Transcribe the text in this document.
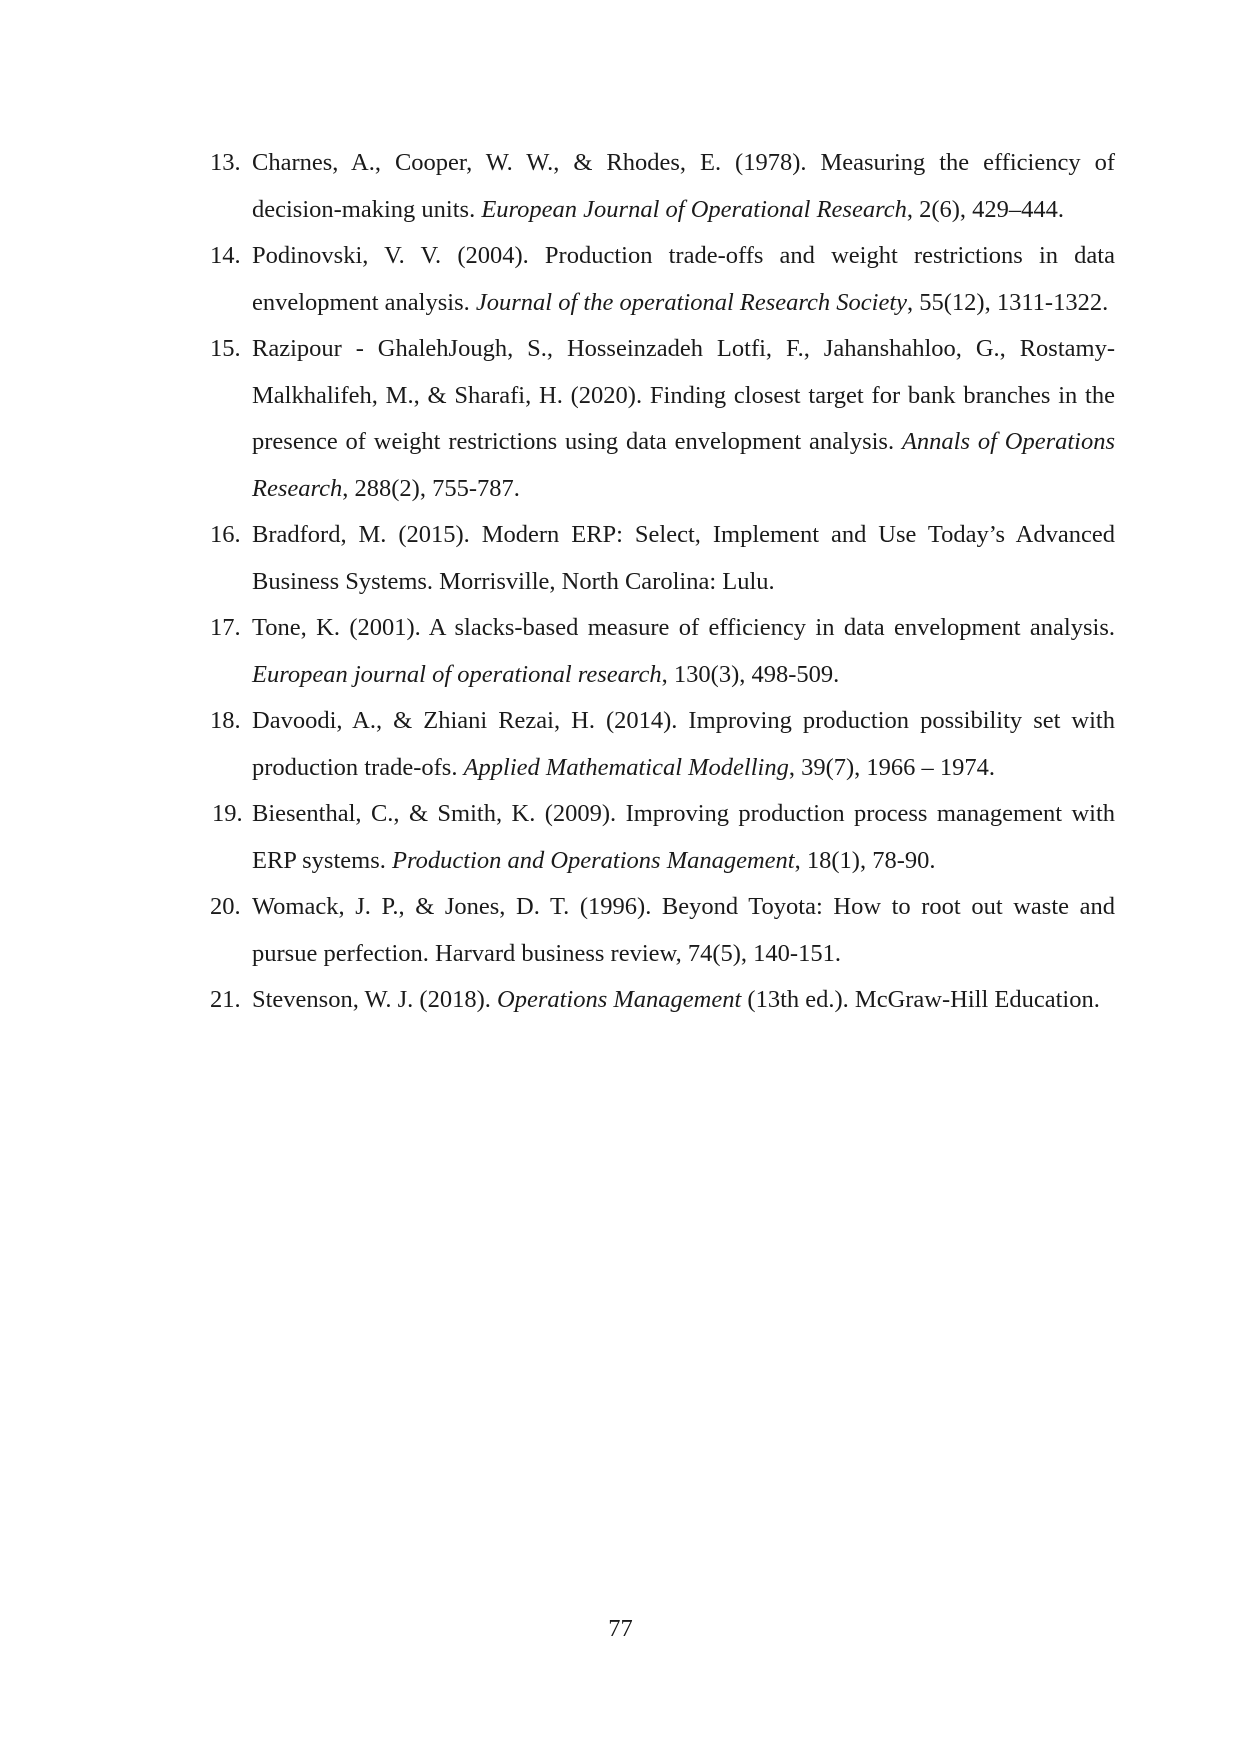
13. Charnes, A., Cooper, W. W., & Rhodes, E. (1978). Measuring the efficiency of decision-making units. European Journal of Operational Research, 2(6), 429–444.
14. Podinovski, V. V. (2004). Production trade-offs and weight restrictions in data envelopment analysis. Journal of the operational Research Society, 55(12), 1311-1322.
15. Razipour - GhalehJough, S., Hosseinzadeh Lotfi, F., Jahanshahloo, G., Rostamy-Malkhalifeh, M., & Sharafi, H. (2020). Finding closest target for bank branches in the presence of weight restrictions using data envelopment analysis. Annals of Operations Research, 288(2), 755-787.
16. Bradford, M. (2015). Modern ERP: Select, Implement and Use Today’s Advanced Business Systems. Morrisville, North Carolina: Lulu.
17. Tone, K. (2001). A slacks-based measure of efficiency in data envelopment analysis. European journal of operational research, 130(3), 498-509.
18. Davoodi, A., & Zhiani Rezai, H. (2014). Improving production possibility set with production trade-ofs. Applied Mathematical Modelling, 39(7), 1966 – 1974.
19. Biesenthal, C., & Smith, K. (2009). Improving production process management with ERP systems. Production and Operations Management, 18(1), 78-90.
20. Womack, J. P., & Jones, D. T. (1996). Beyond Toyota: How to root out waste and pursue perfection. Harvard business review, 74(5), 140-151.
21. Stevenson, W. J. (2018). Operations Management (13th ed.). McGraw-Hill Education.
77
